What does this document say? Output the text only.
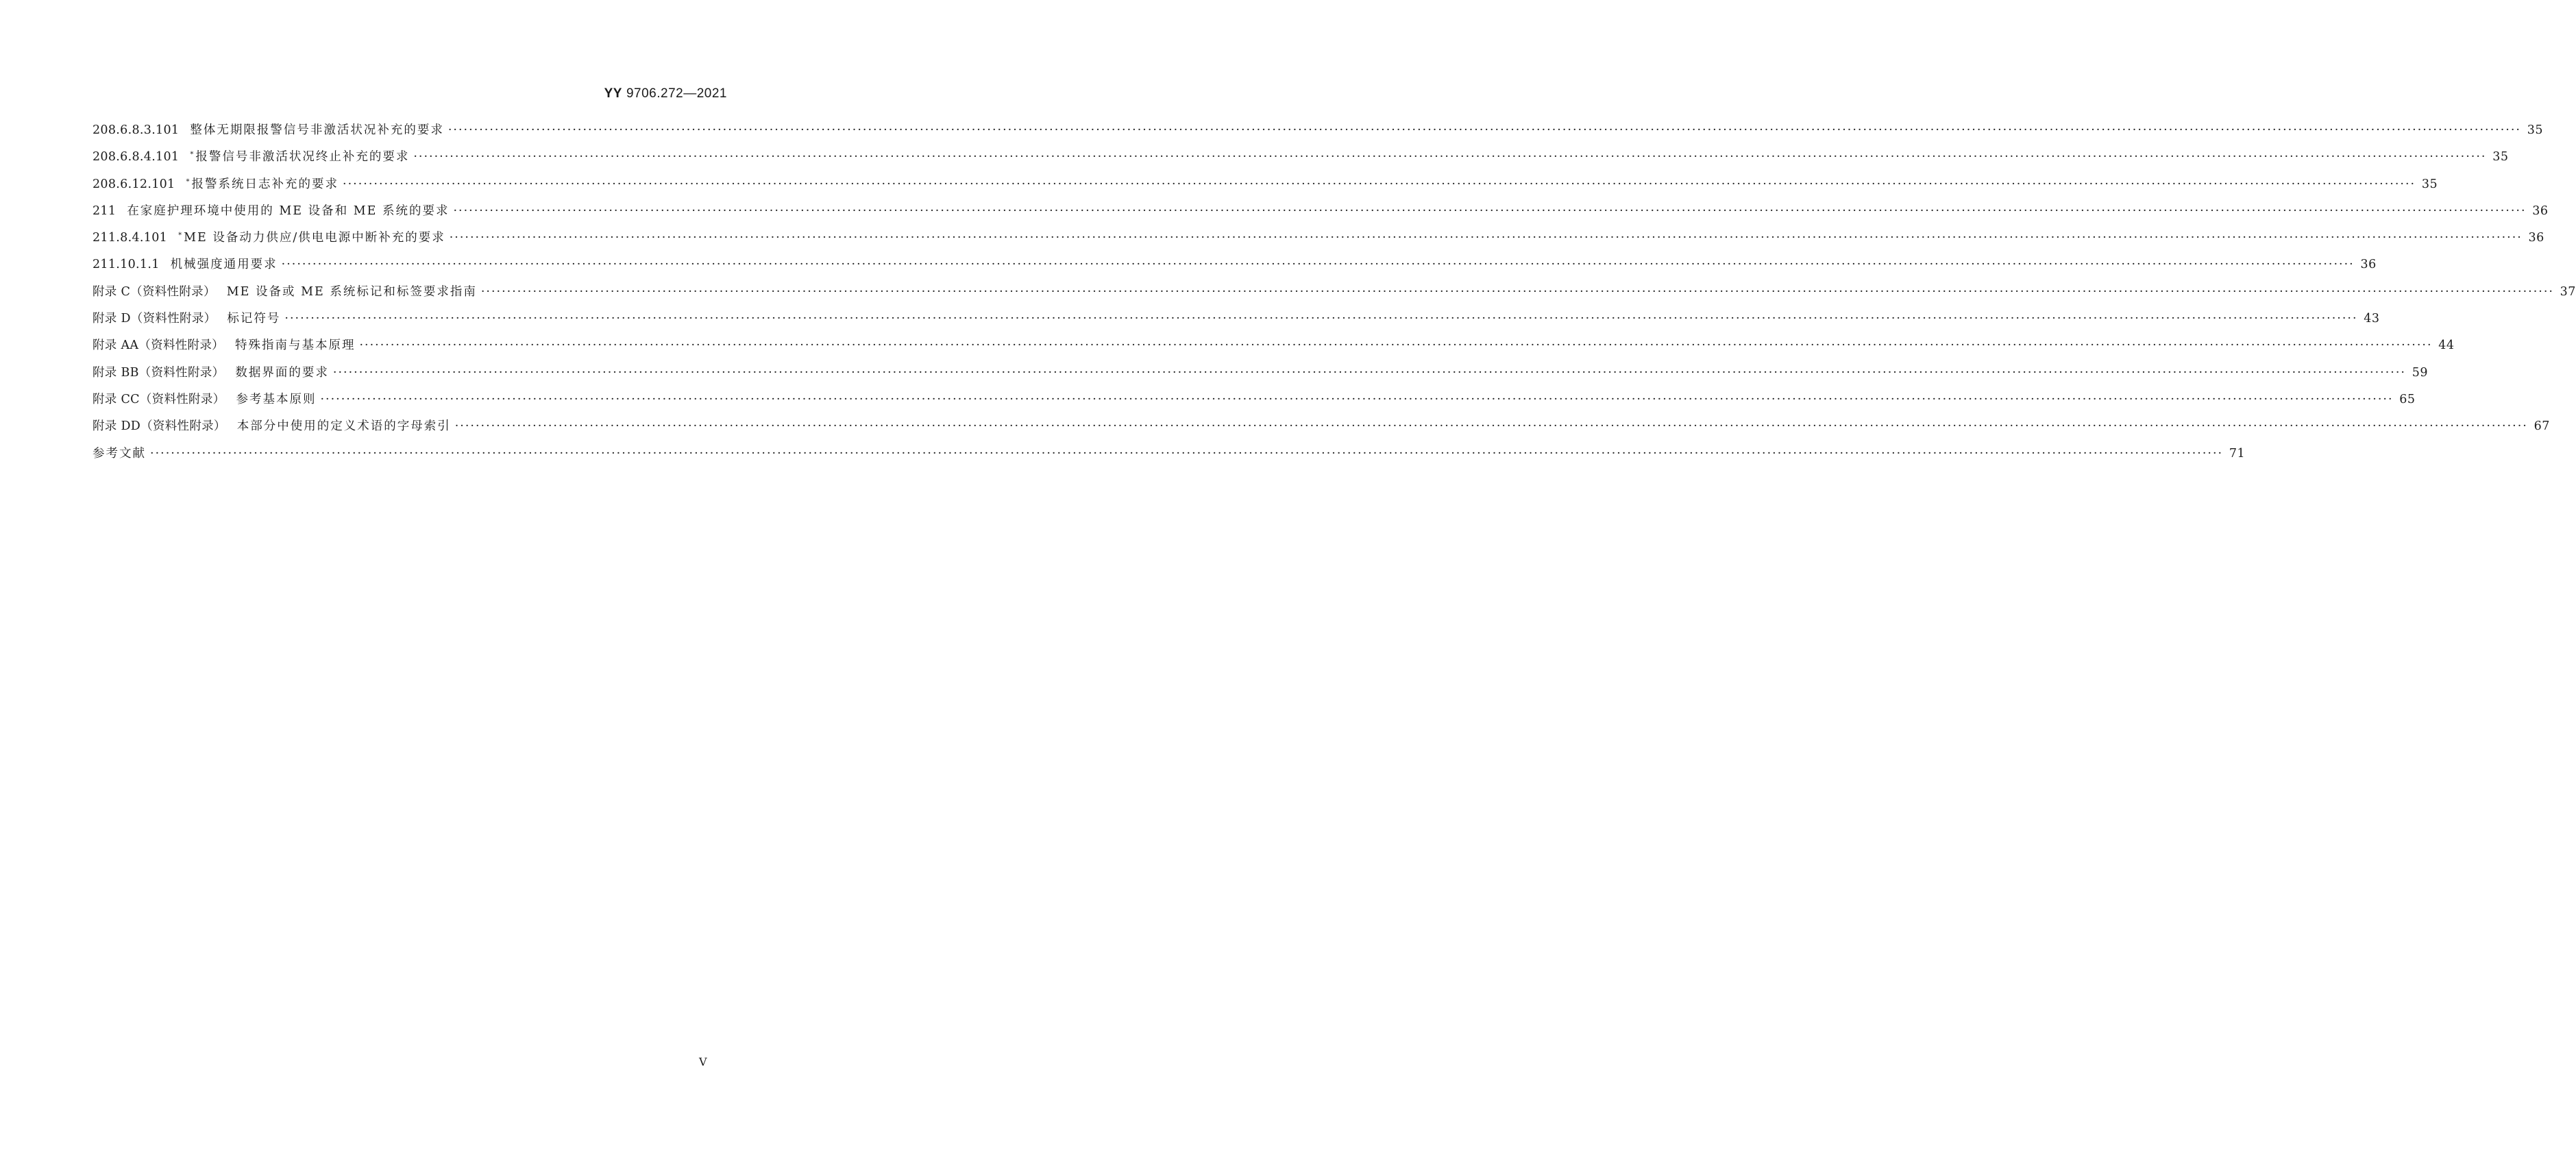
YY 9706.272—2021
208.6.8.3.101 整体无期限报警信号非激活状况补充的要求 ················································································································································································································································································································································································································ 35
208.6.8.4.101 * 报警信号非激活状况终止补充的要求 ················································································································································································································································································································································································································ 35
208.6.12.101 * 报警系统日志补充的要求 ················································································································································································································································································································································································································ 35
211 在家庭护理环境中使用的 ME 设备和 ME 系统的要求 ················································································································································································································································································································································································································ 36
211.8.4.101 * ME 设备动力供应/供电电源中断补充的要求 ················································································································································································································································································································································································································ 36
211.10.1.1 机械强度通用要求 ················································································································································································································································································································································································································ 36
附录 C（资料性附录） ME 设备或 ME 系统标记和标签要求指南 ················································································································································································································································································································································································································ 37
附录 D（资料性附录） 标记符号 ················································································································································································································································································································································································································ 43
附录 AA（资料性附录） 特殊指南与基本原理 ················································································································································································································································································································································································································ 44
附录 BB（资料性附录） 数据界面的要求 ················································································································································································································································································································································································································ 59
附录 CC（资料性附录） 参考基本原则 ················································································································································································································································································································································································································ 65
附录 DD（资料性附录） 本部分中使用的定义术语的字母索引 ················································································································································································································································································································································································································ 67
参考文献 ················································································································································································································································································································································································································ 71
Ⅴ
